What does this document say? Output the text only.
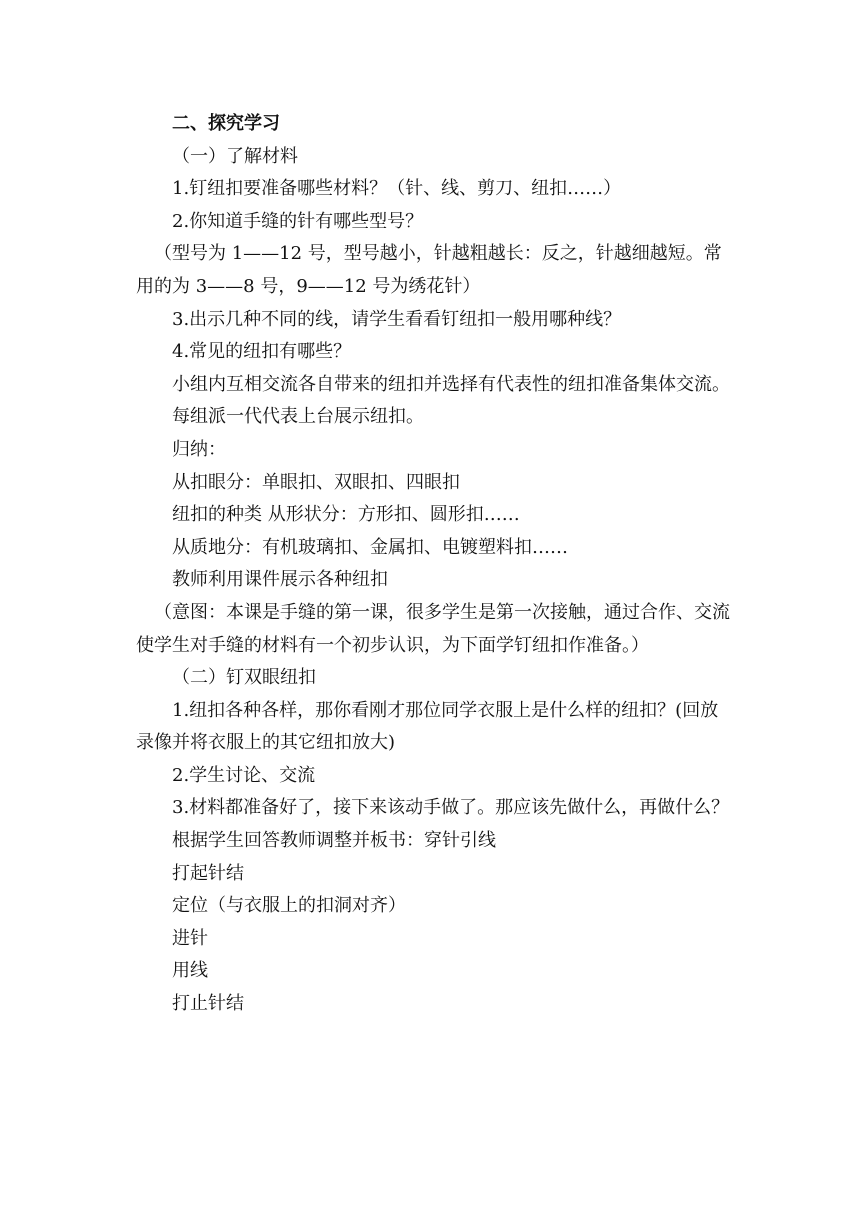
二、探究学习

（一）了解材料

1.钉纽扣要准备哪些材料？（针、线、剪刀、纽扣……）

2.你知道手缝的针有哪些型号？

（型号为 1——12 号，型号越小，针越粗越长：反之，针越细越短。常用的为 3——8 号，9——12 号为绣花针）

3.出示几种不同的线，请学生看看钉纽扣一般用哪种线？

4.常见的纽扣有哪些？

小组内互相交流各自带来的纽扣并选择有代表性的纽扣准备集体交流。

每组派一代代表上台展示纽扣。

归纳：

从扣眼分：单眼扣、双眼扣、四眼扣

纽扣的种类 从形状分：方形扣、圆形扣……

从质地分：有机玻璃扣、金属扣、电镀塑料扣……

教师利用课件展示各种纽扣

（意图：本课是手缝的第一课，很多学生是第一次接触，通过合作、交流使学生对手缝的材料有一个初步认识，为下面学钉纽扣作准备。）

（二）钉双眼纽扣

1.纽扣各种各样，那你看刚才那位同学衣服上是什么样的纽扣？(回放录像并将衣服上的其它纽扣放大)

2.学生讨论、交流

3.材料都准备好了，接下来该动手做了。那应该先做什么，再做什么？

根据学生回答教师调整并板书：穿针引线

打起针结

定位（与衣服上的扣洞对齐）

进针

用线

打止针结
